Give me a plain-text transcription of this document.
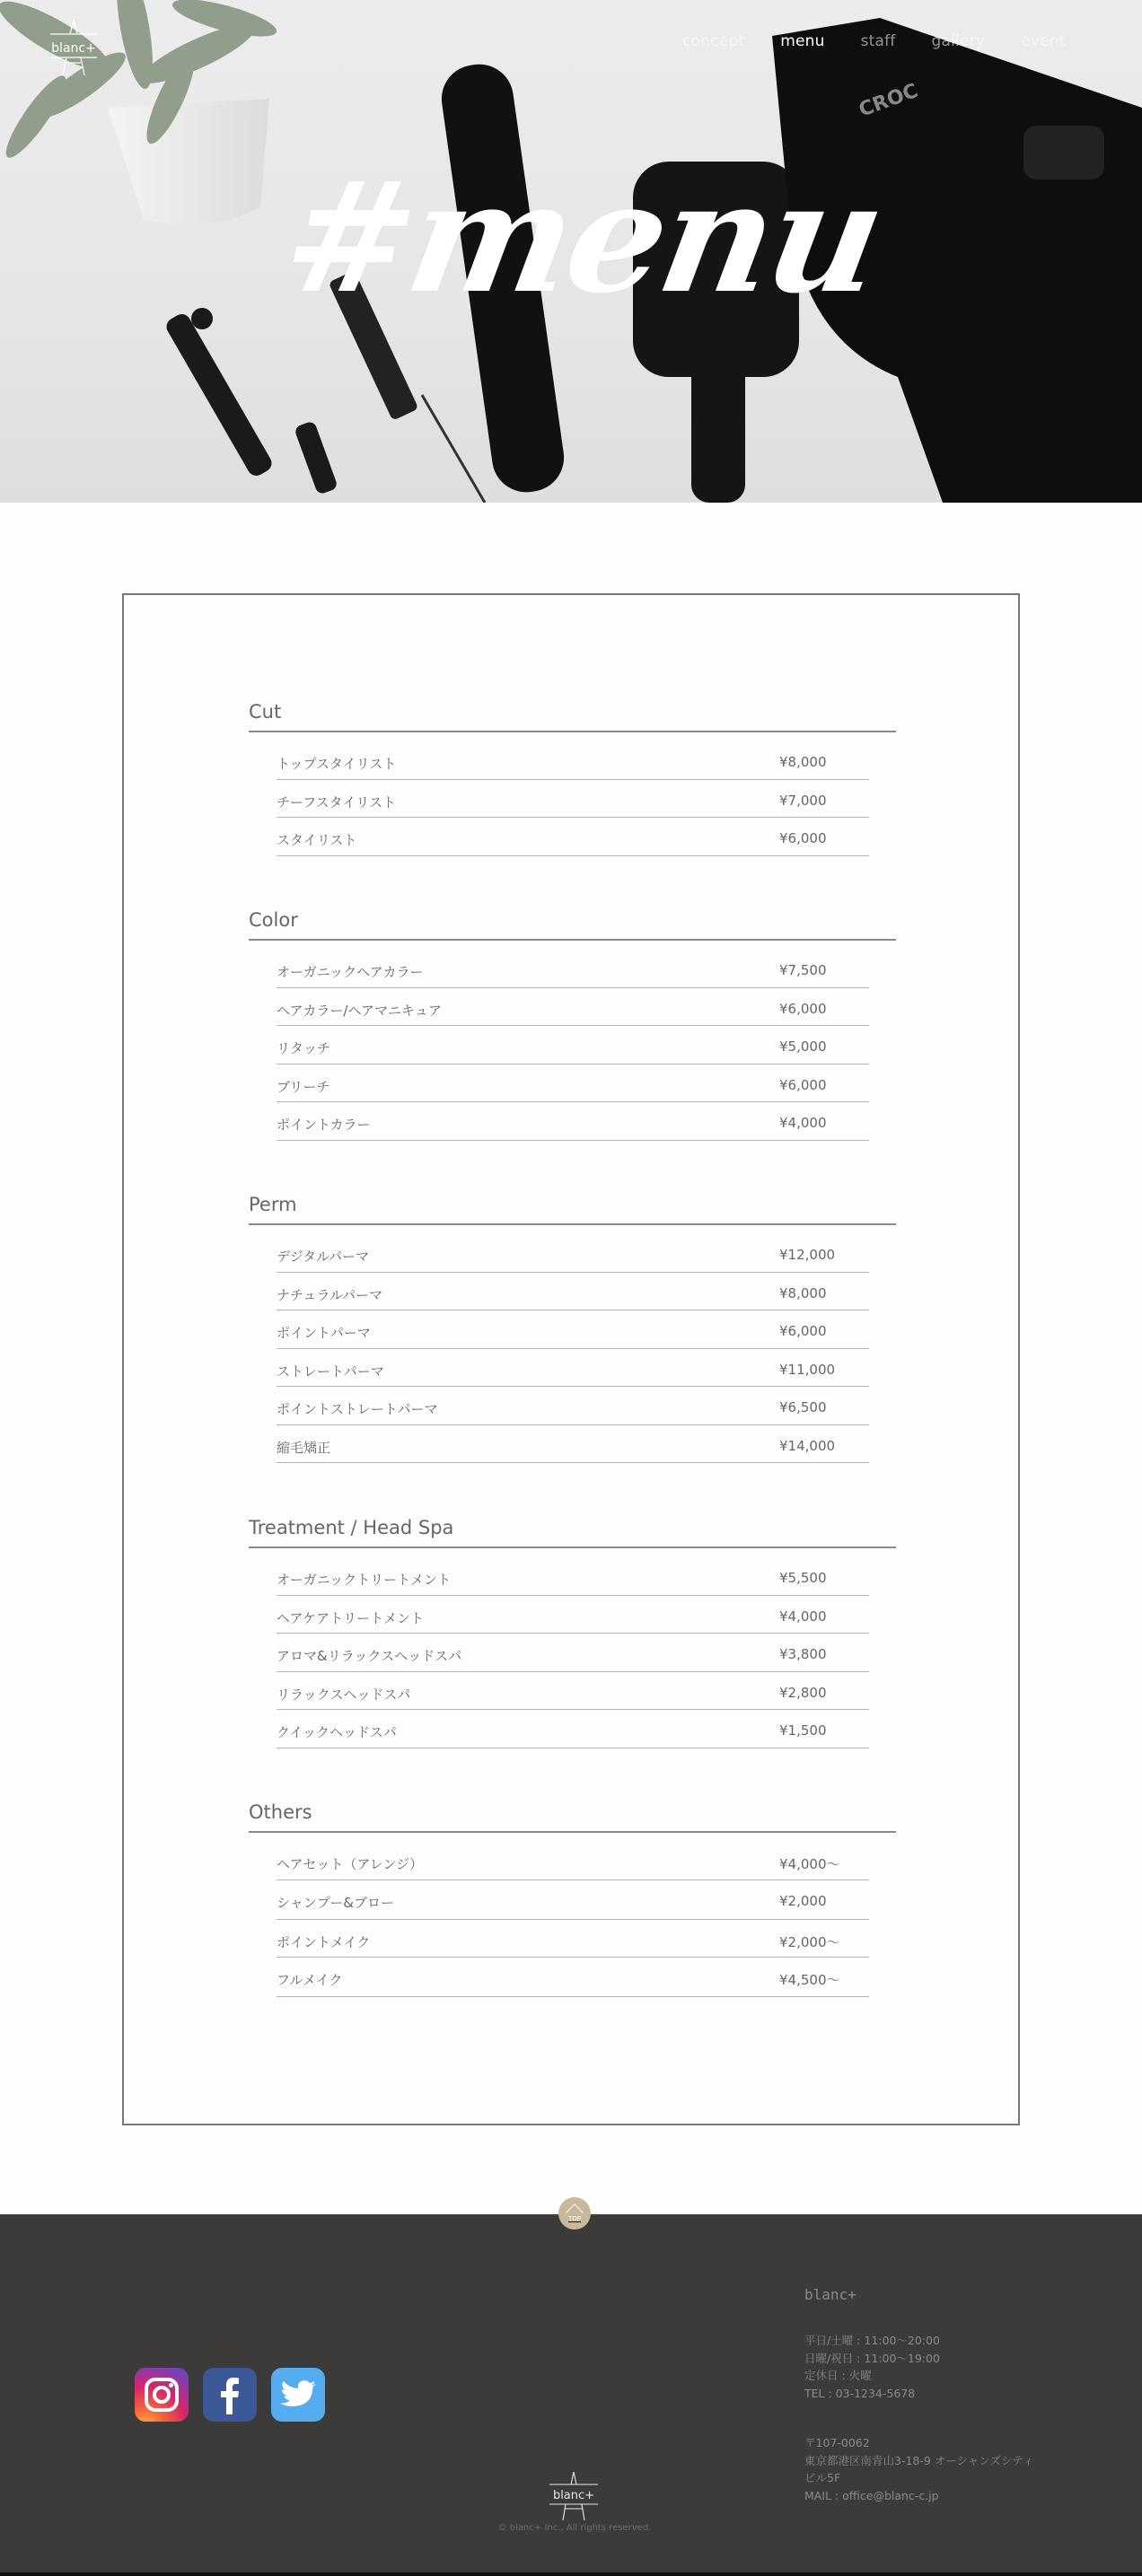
CROC
blanc+	concept menu staff gallery event
#menu
Cut
トップスタイリスト	¥8,000
チーフスタイリスト	¥7,000
スタイリスト	¥6,000
Color
オーガニックヘアカラー	¥7,500
ヘアカラー/ヘアマニキュア	¥6,000
リタッチ	¥5,000
ブリーチ	¥6,000
ポイントカラー	¥4,000
Perm
デジタルパーマ	¥12,000
ナチュラルパーマ	¥8,000
ポイントパーマ	¥6,000
ストレートパーマ	¥11,000
ポイントストレートパーマ	¥6,500
縮毛矯正	¥14,000
Treatment / Head Spa
オーガニックトリートメント	¥5,500
ヘアケアトリートメント	¥4,000
アロマ&リラックスヘッドスパ	¥3,800
リラックスヘッドスパ	¥2,800
クイックヘッドスパ	¥1,500
Others
ヘアセット（アレンジ）	¥4,000〜
シャンプー&ブロー	¥2,000
ポイントメイク	¥2,000〜
フルメイク	¥4,500〜
TOP
blanc+
平日/土曜 : 11:00〜20:00
日曜/祝日 : 11:00〜19:00
定休日 : 火曜
TEL : 03-1234-5678
〒107-0062
東京都港区南青山3-18-9 オーシャンズシティビル5F
MAIL : office@blanc-c.jp
blanc+
© blanc+ Inc., All rights reserved.
